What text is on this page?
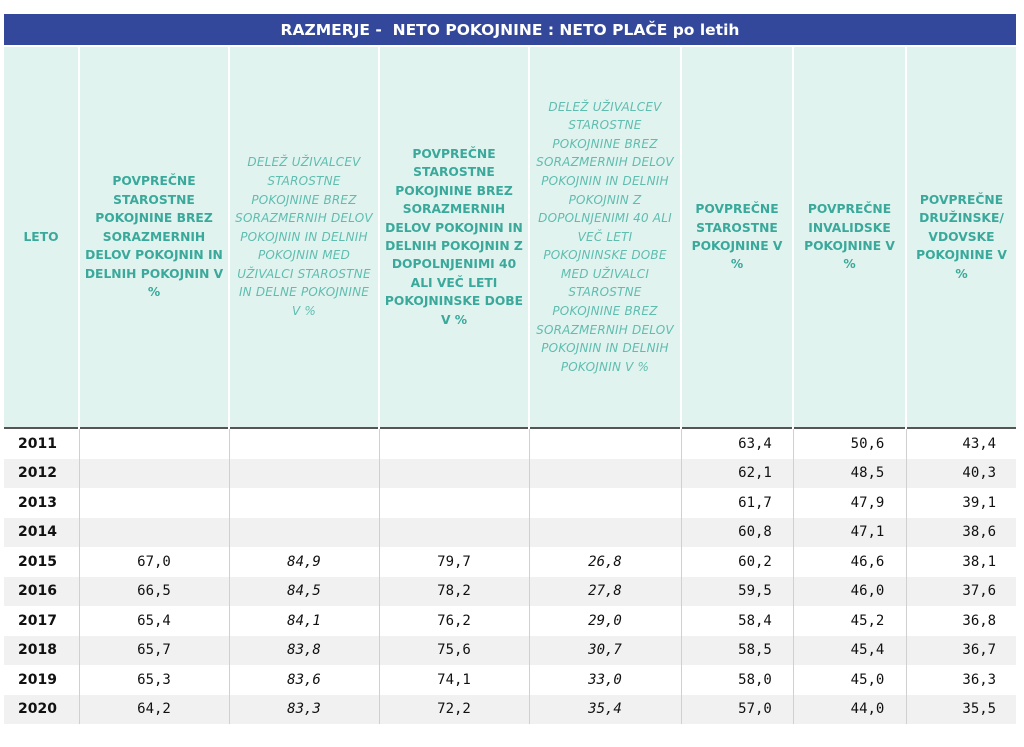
RAZMERJE -  NETO POKOJNINE : NETO PLAČE po letih
LETO	POVPREČNE STAROSTNE POKOJNINE BREZ SORAZMERNIH DELOV POKOJNIN IN DELNIH POKOJNIN V %	DELEŽ UŽIVALCEV STAROSTNE POKOJNINE BREZ SORAZMERNIH DELOV POKOJNIN IN DELNIH POKOJNIN MED UŽIVALCI STAROSTNE IN DELNE POKOJNINE V %	POVPREČNE STAROSTNE POKOJNINE BREZ SORAZMERNIH DELOV POKOJNIN IN DELNIH POKOJNIN Z DOPOLNJENIMI 40 ALI VEČ LETI POKOJNINSKE DOBE V %	DELEŽ UŽIVALCEV STAROSTNE POKOJNINE BREZ SORAZMERNIH DELOV POKOJNIN IN DELNIH POKOJNIN Z DOPOLNJENIMI 40 ALI VEČ LETI POKOJNINSKE DOBE MED UŽIVALCI STAROSTNE POKOJNINE BREZ SORAZMERNIH DELOV POKOJNIN IN DELNIH POKOJNIN V %	POVPREČNE STAROSTNE POKOJNINE V %	POVPREČNE INVALIDSKE POKOJNINE V %	POVPREČNE DRUŽINSKE/ VDOVSKE POKOJNINE V %
2011					63,4	50,6	43,4
2012					62,1	48,5	40,3
2013					61,7	47,9	39,1
2014					60,8	47,1	38,6
2015	67,0	84,9	79,7	26,8	60,2	46,6	38,1
2016	66,5	84,5	78,2	27,8	59,5	46,0	37,6
2017	65,4	84,1	76,2	29,0	58,4	45,2	36,8
2018	65,7	83,8	75,6	30,7	58,5	45,4	36,7
2019	65,3	83,6	74,1	33,0	58,0	45,0	36,3
2020	64,2	83,3	72,2	35,4	57,0	44,0	35,5
